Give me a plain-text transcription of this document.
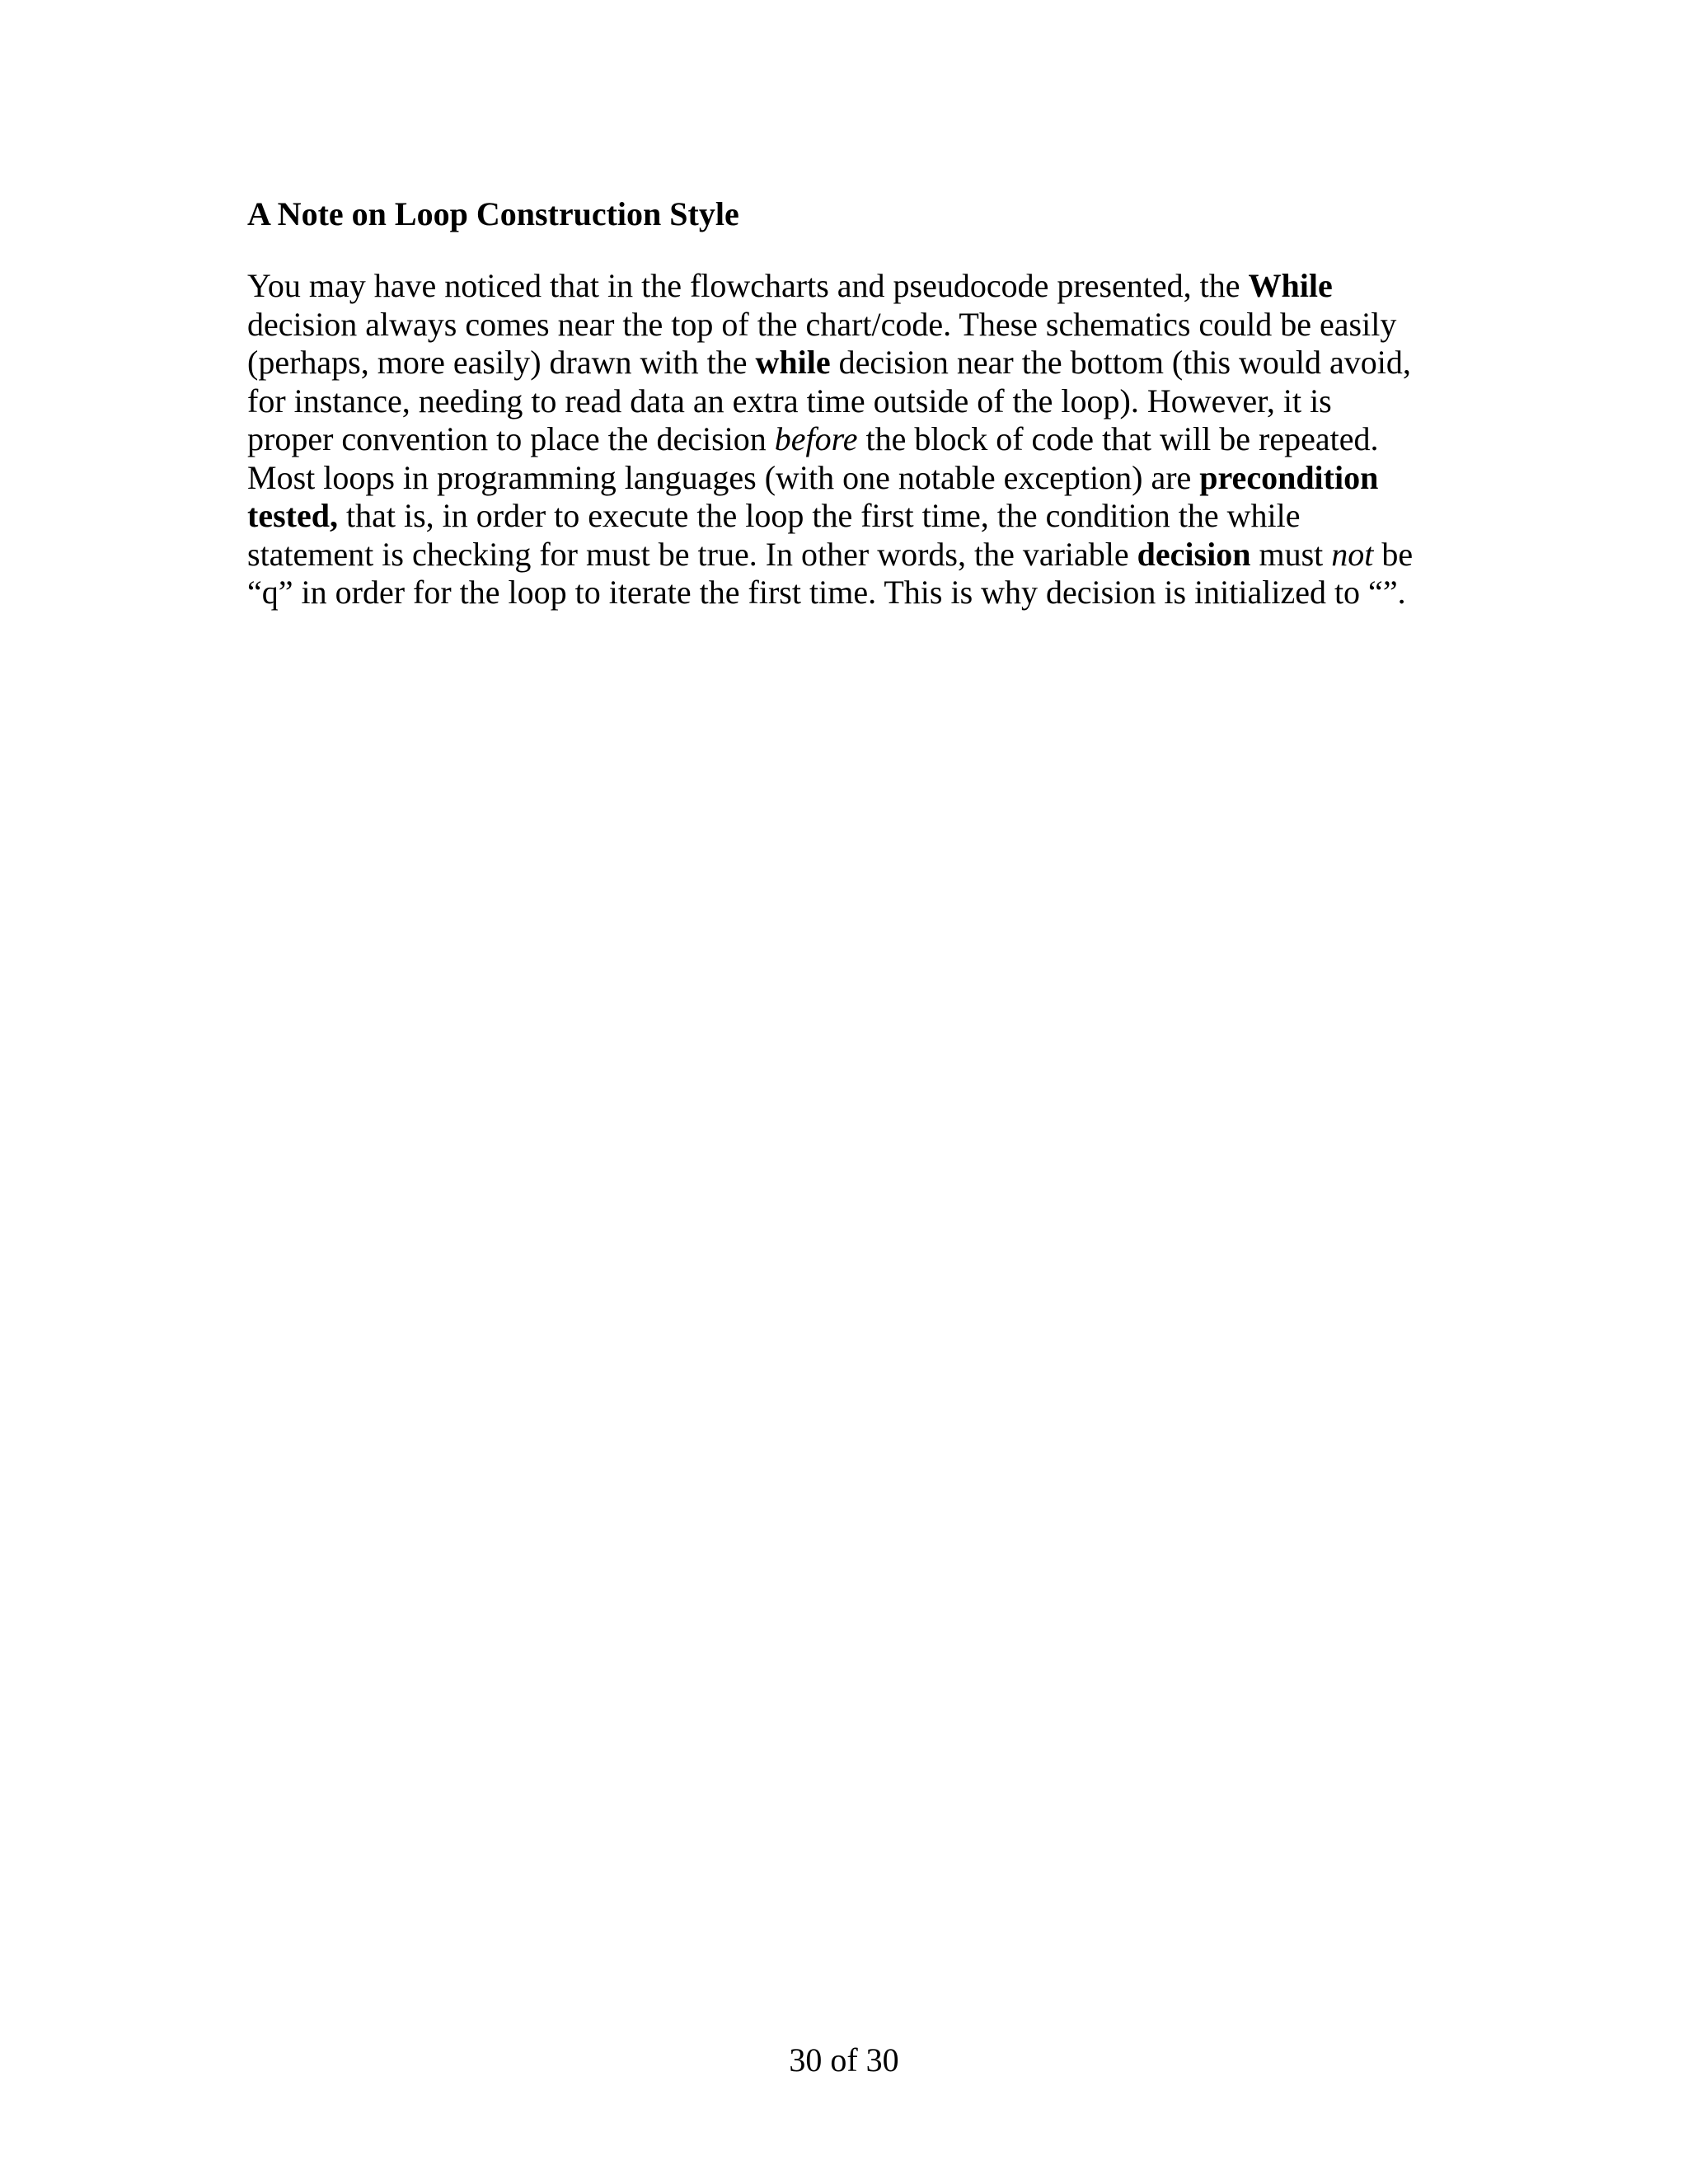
A Note on Loop Construction Style

You may have noticed that in the flowcharts and pseudocode presented, the While
decision always comes near the top of the chart/code. These schematics could be easily
(perhaps, more easily) drawn with the while decision near the bottom (this would avoid,
for instance, needing to read data an extra time outside of the loop). However, it is
proper convention to place the decision before the block of code that will be repeated.
Most loops in programming languages (with one notable exception) are precondition
tested, that is, in order to execute the loop the first time, the condition the while
statement is checking for must be true. In other words, the variable decision must not be
“q” in order for the loop to iterate the first time. This is why decision is initialized to “”.

30 of 30
